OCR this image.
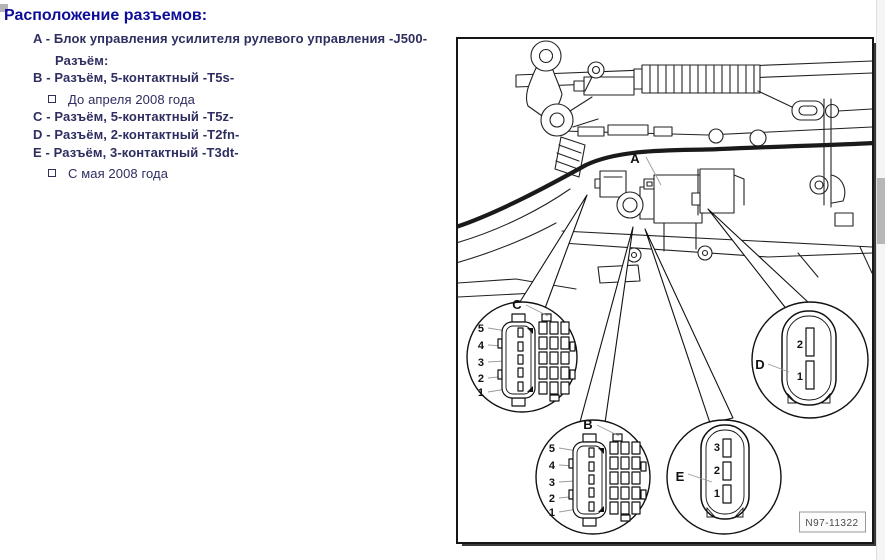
Расположение разъемов:
A - Блок управления усилителя рулевого управления -J500-
Разъём:
B - Разъём, 5-контактный -T5s-
До апреля 2008 года
C - Разъём, 5-контактный -T5z-
D - Разъём, 2-контактный -T2fn-
E - Разъём, 3-контактный -T3dt-
С мая 2008 года
A
C
5
4
3
2
1
B
5
4
3
2
1
E
3
2
1
D
2
1
N97-11322
